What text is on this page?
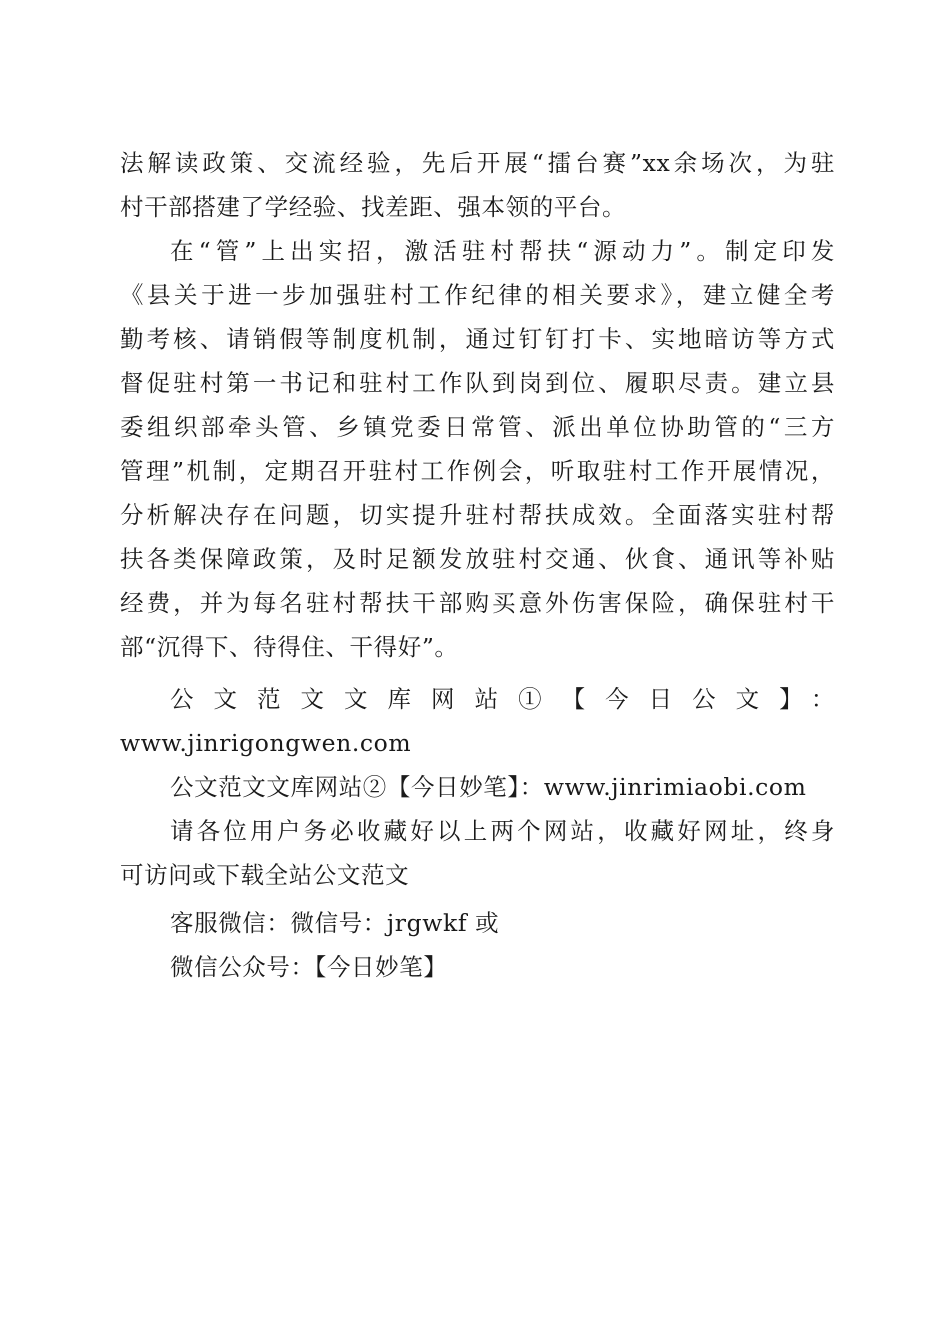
法解读政策、交流经验，先后开展“擂台赛”xx余场次，为驻
村干部搭建了学经验、找差距、强本领的平台。
在“管”上出实招，激活驻村帮扶“源动力”。制定印发
《县关于进一步加强驻村工作纪律的相关要求》，建立健全考
勤考核、请销假等制度机制，通过钉钉打卡、实地暗访等方式
督促驻村第一书记和驻村工作队到岗到位、履职尽责。建立县
委组织部牵头管、乡镇党委日常管、派出单位协助管的“三方
管理”机制，定期召开驻村工作例会，听取驻村工作开展情况，
分析解决存在问题，切实提升驻村帮扶成效。全面落实驻村帮
扶各类保障政策，及时足额发放驻村交通、伙食、通讯等补贴
经费，并为每名驻村帮扶干部购买意外伤害保险，确保驻村干
部“沉得下、待得住、干得好”。
公文范文文库网站①【今日公文】：
www.jinrigongwen.com
公文范文文库网站②【今日妙笔】：www.jinrimiaobi.com
请各位用户务必收藏好以上两个网站，收藏好网址，终身
可访问或下载全站公文范文
客服微信：微信号：jrgwkf 或
微信公众号：【今日妙笔】
